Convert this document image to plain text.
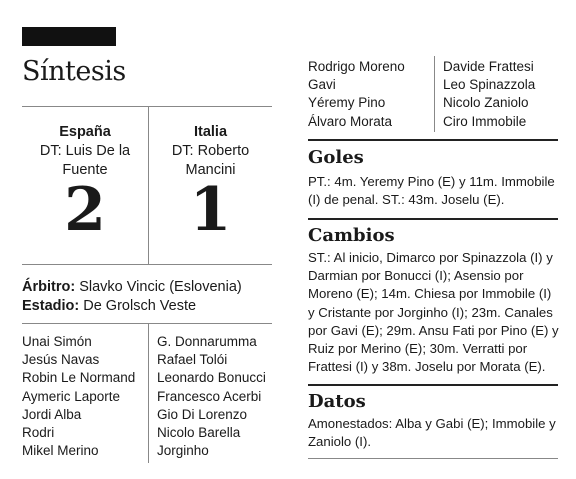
Síntesis
España
DT: Luis De la Fuente
2
Italia
DT: Roberto Mancini
1
Árbitro: Slavko Vincic (Eslovenia)
Estadio: De Grolsch Veste
Unai Simón
Jesús Navas
Robin Le Normand
Aymeric Laporte
Jordi Alba
Rodri
Mikel Merino
G. Donnarumma
Rafael Tolói
Leonardo Bonucci
Francesco Acerbi
Gio Di Lorenzo
Nicolo Barella
Jorginho
Rodrigo Moreno
Gavi
Yéremy Pino
Álvaro Morata
Davide Frattesi
Leo Spinazzola
Nicolo Zaniolo
Ciro Immobile
Goles

PT.: 4m. Yeremy Pino (E) y 11m. Immobile (I) de penal. ST.: 43m. Joselu (E).

Cambios

ST.: Al inicio, Dimarco por Spinazzola (I) y Darmian por Bonucci (I); Asensio por Moreno (E); 14m. Chiesa por Immobile (I) y Cristante por Jorginho (I); 23m. Canales por Gavi (E); 29m. Ansu Fati por Pino (E) y Ruiz por Merino (E); 30m. Verratti por Frattesi (I) y 38m. Joselu por Morata (E).

Datos

Amonestados: Alba y Gabi (E); Immobile y Zaniolo (I).
